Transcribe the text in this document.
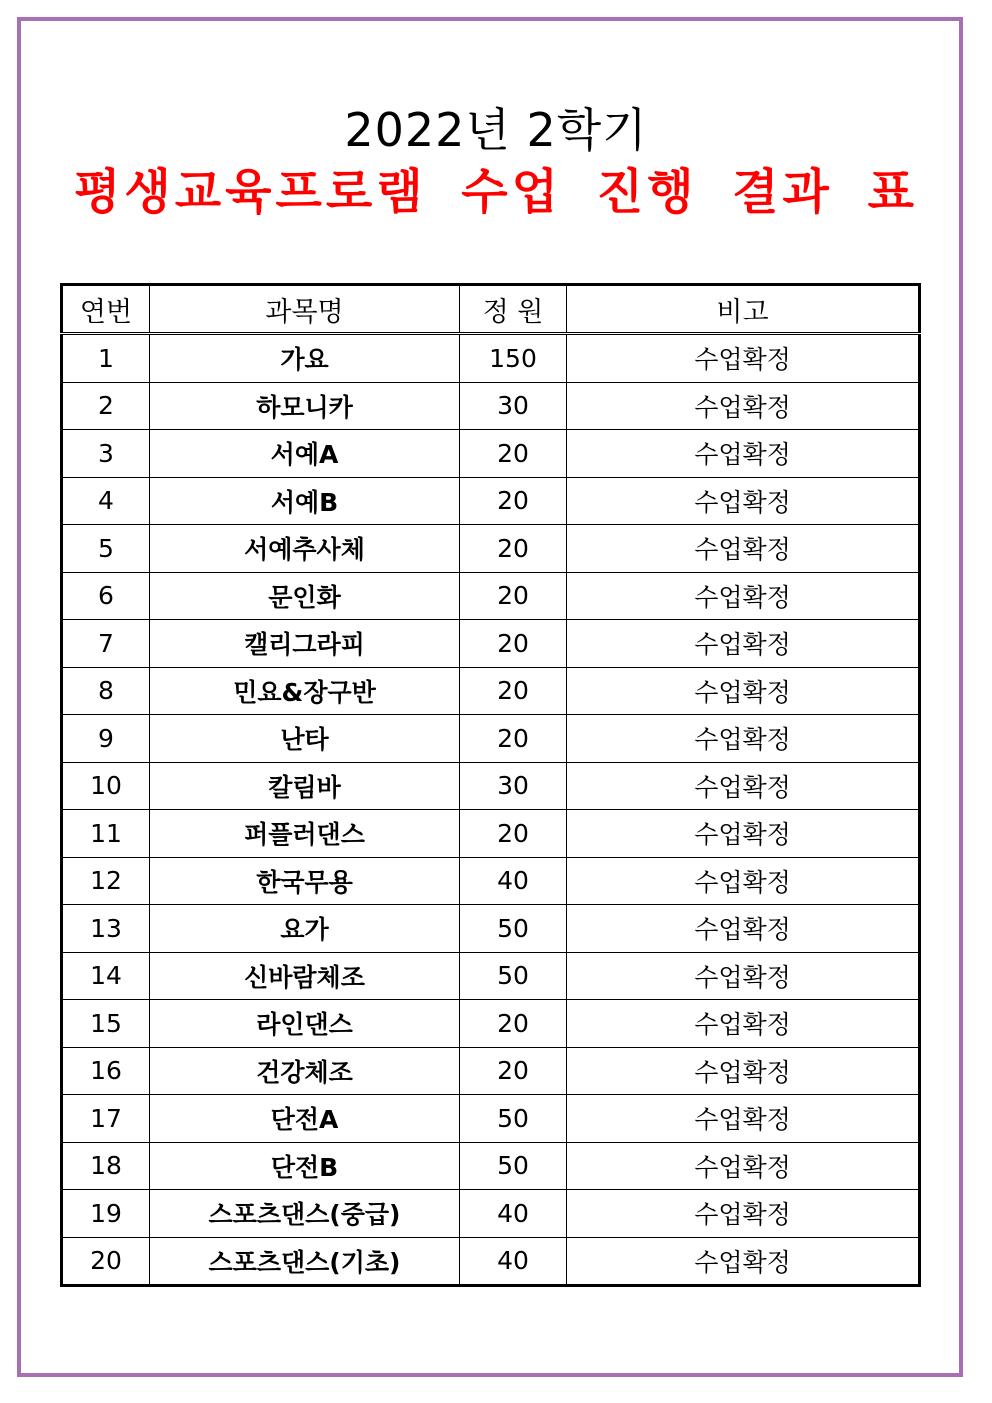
2022년 2학기
평생교육프로램 수업 진행 결과 표
연번	과목명	정 원	비고
1	가요	150	수업확정
2	하모니카	30	수업확정
3	서예A	20	수업확정
4	서예B	20	수업확정
5	서예추사체	20	수업확정
6	문인화	20	수업확정
7	캘리그라피	20	수업확정
8	민요&장구반	20	수업확정
9	난타	20	수업확정
10	칼림바	30	수업확정
11	퍼플러댄스	20	수업확정
12	한국무용	40	수업확정
13	요가	50	수업확정
14	신바람체조	50	수업확정
15	라인댄스	20	수업확정
16	건강체조	20	수업확정
17	단전A	50	수업확정
18	단전B	50	수업확정
19	스포츠댄스(중급)	40	수업확정
20	스포츠댄스(기초)	40	수업확정
